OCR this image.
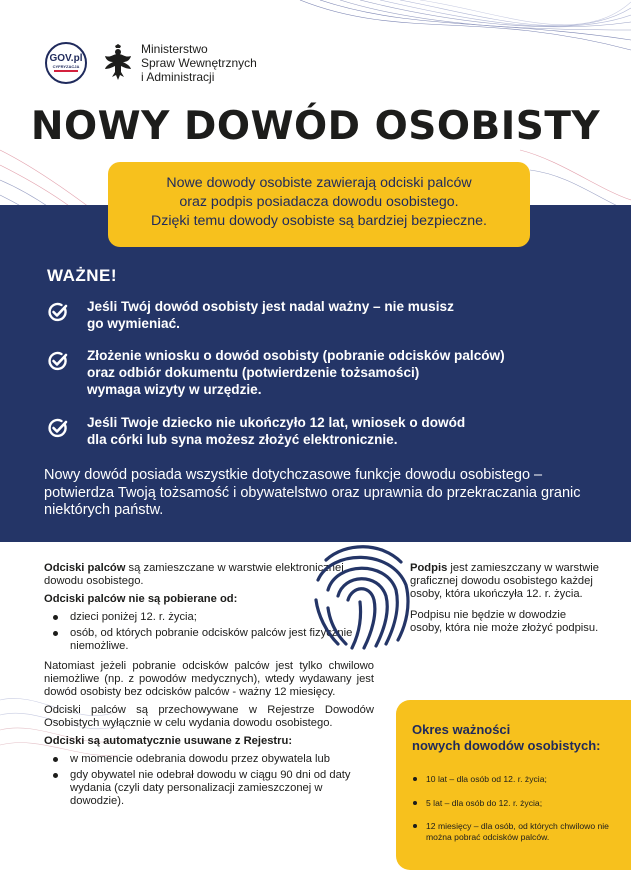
GOV.pl
CYFRYZACJA
Ministerstwo
Spraw Wewnętrznych
i Administracji
NOWY DOWÓD OSOBISTY
Nowe dowody osobiste zawierają odciski palców
oraz podpis posiadacza dowodu osobistego.
Dzięki temu dowody osobiste są bardziej bezpieczne.
WAŻNE!
Jeśli Twój dowód osobisty jest nadal ważny – nie musisz
go wymieniać.
Złożenie wniosku o dowód osobisty (pobranie odcisków palców)
oraz odbiór dokumentu (potwierdzenie tożsamości)
wymaga wizyty w urzędzie.
Jeśli Twoje dziecko nie ukończyło 12 lat, wniosek o dowód
dla córki lub syna możesz złożyć elektronicznie.
Nowy dowód posiada wszystkie dotychczasowe funkcje dowodu osobistego – potwierdza Twoją tożsamość i obywatelstwo oraz uprawnia do przekraczania granic niektórych państw.

Odciski palców są zamieszczane w warstwie elektronicznej dowodu osobistego.

Odciski palców nie są pobierane od:

dzieci poniżej 12. r. życia;
osób, od których pobranie odcisków palców jest fizycznie niemożliwe.

Natomiast jeżeli pobranie odcisków palców jest tylko chwilowo niemożliwe (np. z powodów medycznych), wtedy wydawany jest dowód osobisty bez odcisków palców - ważny 12 miesięcy.

Odciski palców są przechowywane w Rejestrze Dowodów Osobistych wyłącznie w celu wydania dowodu osobistego.

Odciski są automatycznie usuwane z Rejestru:

w momencie odebrania dowodu przez obywatela lub
gdy obywatel nie odebrał dowodu w ciągu 90 dni od daty wydania (czyli daty personalizacji zamieszczonej w dowodzie).

Podpis jest zamieszczany w warstwie graficznej dowodu osobistego każdej osoby, która ukończyła 12. r. życia.

Podpisu nie będzie w dowodzie osoby, która nie może złożyć podpisu.

Okres ważności
nowych dowodów osobistych:
10 lat – dla osób od 12. r. życia;
5 lat – dla osób do 12. r. życia;
12 miesięcy – dla osób, od których chwilowo nie można pobrać odcisków palców.
